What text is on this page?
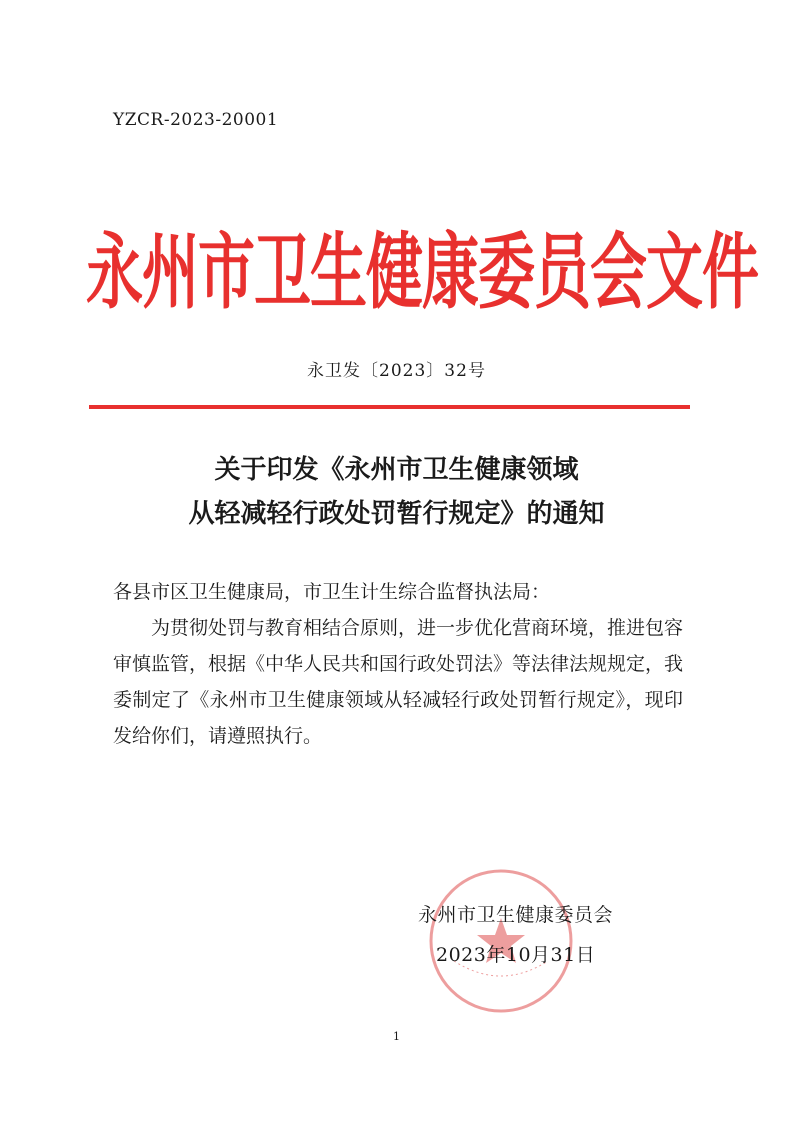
YZCR-2023-20001
永州市卫生健康委员会文件
永卫发〔2023〕32号
关于印发《永州市卫生健康领域
从轻减轻行政处罚暂行规定》的通知

各县市区卫生健康局，市卫生计生综合监督执法局：

为贯彻处罚与教育相结合原则，进一步优化营商环境，推进包容审慎监管，根据《中华人民共和国行政处罚法》等法律法规规定，我委制定了《永州市卫生健康领域从轻减轻行政处罚暂行规定》，现印发给你们，请遵照执行。

永州市卫生健康委员会
2023年10月31日
1
